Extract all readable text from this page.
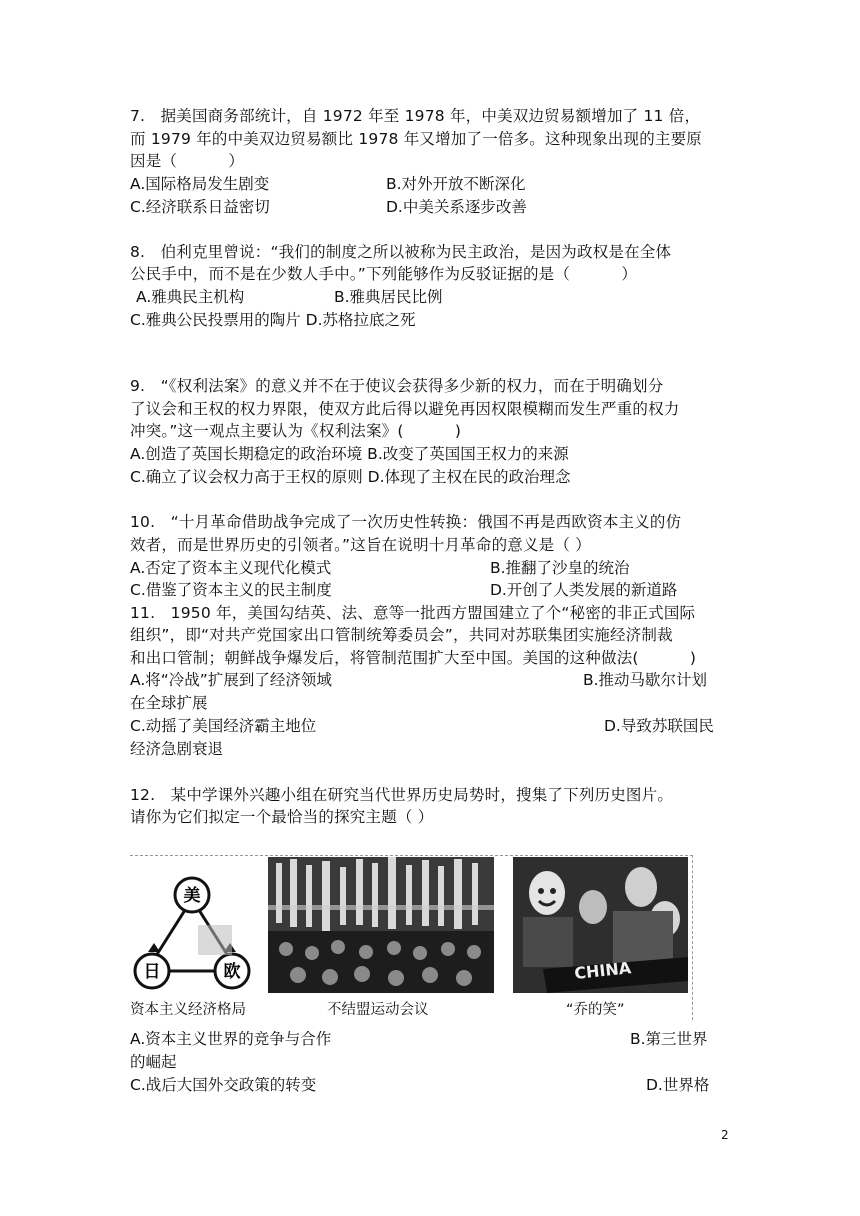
7.   据美国商务部统计，自 1972 年至 1978 年，中美双边贸易额增加了 11 倍，
而 1979 年的中美双边贸易额比 1978 年又增加了一倍多。这种现象出现的主要原
因是（          ）
A.国际格局发生剧变	B.对外开放不断深化
C.经济联系日益密切	D.中美关系逐步改善
8.   伯利克里曾说：“我们的制度之所以被称为民主政治，是因为政权是在全体
公民手中，而不是在少数人手中。”下列能够作为反驳证据的是（          ）
A.雅典民主机构	B.雅典居民比例
C.雅典公民投票用的陶片 D.苏格拉底之死
9.   “《权利法案》的意义并不在于使议会获得多少新的权力，而在于明确划分
了议会和王权的权力界限，使双方此后得以避免再因权限模糊而发生严重的权力
冲突。”这一观点主要认为《权利法案》(          )
A.创造了英国长期稳定的政治环境 B.改变了英国国王权力的来源
C.确立了议会权力高于王权的原则 D.体现了主权在民的政治理念
10.   “十月革命借助战争完成了一次历史性转换：俄国不再是西欧资本主义的仿
效者，而是世界历史的引领者。”这旨在说明十月革命的意义是（ ）
A.否定了资本主义现代化模式	B.推翻了沙皇的统治
C.借鉴了资本主义的民主制度	D.开创了人类发展的新道路
11.   1950 年，美国勾结英、法、意等一批西方盟国建立了个“秘密的非正式国际
组织”，即“对共产党国家出口管制统筹委员会”，共同对苏联集团实施经济制裁
和出口管制；朝鲜战争爆发后，将管制范围扩大至中国。美国的这种做法(          )
A.将“冷战”扩展到了经济领域	B.推动马歇尔计划
在全球扩展
C.动摇了美国经济霸主地位	D.导致苏联国民
经济急剧衰退
12.   某中学课外兴趣小组在研究当代世界历史局势时，搜集了下列历史图片。
请你为它们拟定一个最恰当的探究主题（ ）
美
日	欧	CHINA
资本主义经济格局	不结盟运动会议	“乔的笑”
A.资本主义世界的竞争与合作	B.第三世界
的崛起
C.战后大国外交政策的转变	D.世界格
2
